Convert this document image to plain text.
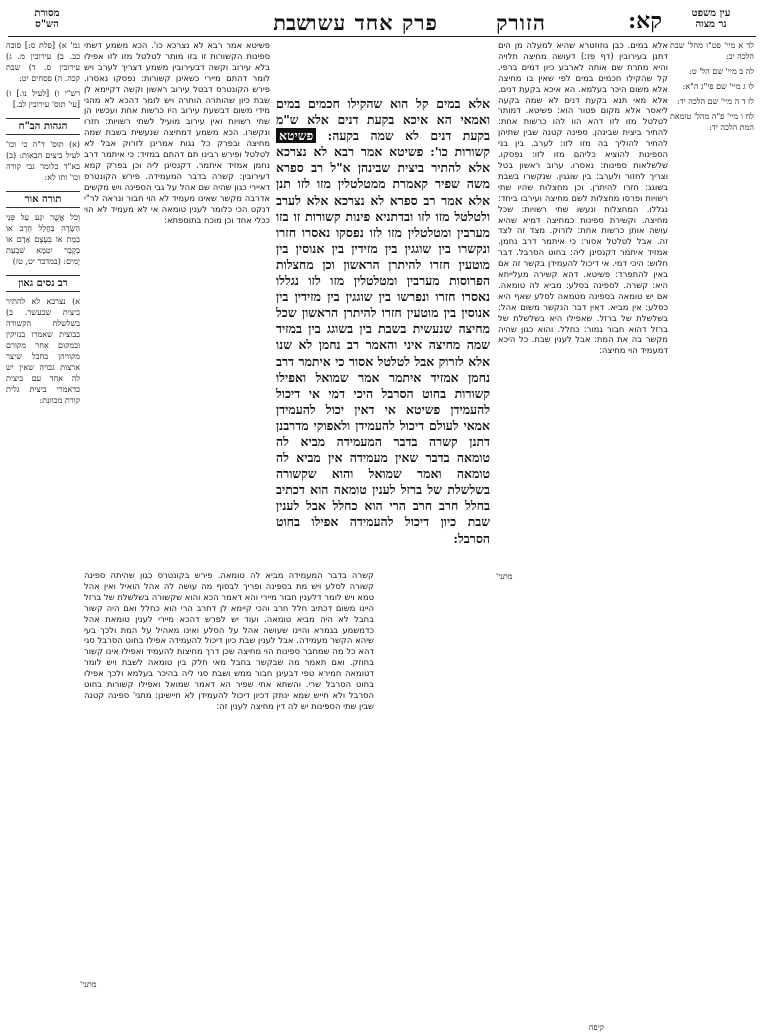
עין משפט
נר מצוה
קא:
הזורק       פרק אחד עשר
שבת
מסורת
הש"ס

לד א מיי' פט"ו מהל' שבת הלכה יב:

לה ב מיי' שם הל' ט:

לו ג מיי' שם פי"ג ה"א:

לז ד ה מיי' שם הלכה יד:

לח ו מיי' פ"ה מהל' טומאת המת הלכה יד:

אלא במים. כבן גוזוזטרא שהיא למעלה מן הים דתנן בעירובין (דף פז:) דעושה מחיצה תלויה והיא מתרת שם אותה לארבע כיון דמים ברפי. קל שהקילו חכמים במים לפי שאין בו מחיצה אלא משום היכר בעלמא. הא איכא בקעת דנים. אלא מאי תנא בקעת דנים לא שמה בקעה ליאסר אלא מקום פטור הוא: פשיטא. דמותר לטלטל מזו לזו דהא הוו להו כרשות אחת: להתיר ביצית שבינהן. ספינה קטנה שבין שתיהן להתיר להוליך בה מזו לזו: לערב. בין בני הספינות להוציא כליהם מזו לזו: נפסקו. שלשלאות ספינות: נאסרו. ערוב ראשון בטל וצריך לחזור ולערב: בין שוגגין. שנקשרו בשבת בשוגג: חזרו להיתרן. וכן מחצלות שהיו שתי רשויות ופרסו מחצלות לשם מחיצה ועירבו ביחד: נגללו. המחצלות ונעשו שתי רשויות: שכל מחיצה. וקשירת ספינות כמחיצה דמיא שהיא עושה אותן כרשות אחת: לזרוק. מצד זה לצד זה. אבל לטלטל אסור: כי איתמר דרב נחמן. אמזיד איתמר דקנסינן ליה: בחוט הסרבל. דבר חלוש: היכי דמי. אי דיכול להעמידן בקשר זה אם באין להתפרד: פשיטא. דהא קשירה מעלייתא היא: קשרה. לספינה בסלע: מביא לה טומאה. אם יש טומאה בספינה מטמאה לסלע שאף היא כסלע: אין מביא. דאין דבר הנקשר משום אהל: בשלשלת של ברזל. שאפילו היא בשלשלת של ברזל דהוא חבור גמור: כחלל. והוא כגון שהיה מקשר בה את המת: אבל לענין שבת. כל היכא דמעמיד הוי מחיצה:
אלא במים קל הוא שהקילו חכמים במים ואמאי הא איכא בקעת דנים אלא ש"מ בקעת דנים לא שמה בקעה: פשיטא קשורות כו': פשיטא אמר רבא לא נצרכא אלא להתיר ביצית שבינהן א"ל רב ספרא משה שפיר קאמרת ממטלטלין מזו לזו תנן אלא אמר רב ספרא לא נצרכא אלא לערב ולטלטל מזו לזו ובדתניא פינות קשורות זו בזו מערבין ומטלטלין מזו לזו נפסקו נאסרו חזרו ונקשרו בין שוגגין בין מזידין בין אנוסין בין מוטעין חזרו להיתרן הראשון וכן מחצלות הפרוסות מערבין ומטלטלין מזו לזו נגללו נאסרו חזרו ונפרשו בין שוגגין בין מזידין בין אנוסין בין מוטעין חזרו להיתרן הראשון שכל מחיצה שנעשית בשבת בין בשוגג בין במזיד שמה מחיצה איני והאמר רב נחמן לא שנו אלא לזרוק אבל לטלטל אסור כי איתמר דרב נחמן אמזיד איתמר אמר שמואל ואפילו קשורות בחוט הסרבל היכי דמי אי דיכול להעמידן פשיטא אי דאין יכול להעמידן אמאי לעולם דיכול להעמידן ולאפוקי מדרבנן דתנן קשרה בדבר המעמידה מביא לה טומאה בדבר שאין מעמידה אין מביא לה טומאה ואמר שמואל והוא שקשורה בשלשלת של ברזל לענין טומאה הוא דכתיב בחלל חרב חרב הרי הוא כחלל אבל לענין שבת כיון דיכול להעמידה אפילו בחוט הסרבל:
מתני'
פשיטא אמר רבא לא נצרכא כו'. הכא משמע דשתי ספינות הקשורות זו בזו מותר לטלטל מזו לזו אפילו בלא עירוב וקשה דבעירובין משמע דצריך לערב ויש לומר דהתם מיירי כשאינן קשורות: נפסקו נאסרו. פירש הקונטרס דבטל עירוב ראשון וקשה דקיימא לן שבת כיון שהותרה הותרה ויש לומר דהכא לא מהני מידי משום דבשעת עירוב היו כרשות אחת ועכשיו הן שתי רשויות ואין עירוב מועיל לשתי רשויות: חזרו ונקשרו. הכא משמע דמחיצה שנעשית בשבת שמה מחיצה ובפרק כל גגות אמרינן לזרוק אבל לא לטלטל ופירש רבינו תם דהתם במזיד: כי איתמר דרב נחמן אמזיד איתמר. דקנסינן ליה וכן בפרק קמא דעירובין: קשרה בדבר המעמידה. פירש הקונטרס דאיירי כגון שהיה שם אהל על גבי הספינה ויש מקשים אדרבה מקשר שאינו מעמיד לא הוי חבור ונראה לר"י דנקט הכי כלומר לענין טומאה אי לא מעמיד לא הוי ככלי אחד וכן מוכח בתוספתא:
קשרה בדבר המעמידה מביא לה טומאה. פירש בקונטרס כגון שהיתה ספינה קשורה לסלע ויש מת בספינה ופריך לבסוף מה עושה לה אהל הואיל ואין אהל טמא ויש לומר דלענין חבור מיירי והא דאמר הכא והוא שקשורה בשלשלת של ברזל היינו משום דכתיב חלל חרב והכי קיימא לן דחרב הרי הוא כחלל ואם היה קשור בחבל לא היה מביא טומאה. ועוד יש לפרש דהכא מיירי לענין טומאת אהל כדמשמע בגמרא והיינו שעושה אהל על הסלע ואינו מאהיל על המת ולכך בעי שיהא הקשר מעמידה. אבל לענין שבת כיון דיכול להעמידה אפילו בחוט הסרבל סגי דהא כל מה שמחבר ספינות הוי מחיצה שכן דרך מחיצות להעמיד ואפילו אינו קשור בחוזק. ואם תאמר מה שבקשר בחבל מאי חלק בין טומאה לשבת ויש לומר דטומאה חמירא טפי דבעינן חבור ממש ושבת סגי ליה בהיכר בעלמא ולכך אפילו בחוט הסרבל שרי. והשתא אתי שפיר הא דאמר שמואל ואפילו קשורות בחוט הסרבל ולא חייש שמא ינתק דכיון דיכול להעמידן לא חיישינן: מתני' ספינה קטנה שבין שתי הספינות יש לה דין מחיצה לענין זה:
מתני'

גמ' א) [פלת ס:] סוכה כב. ב) עירובין מ. ג) עירובין ס. ד) שבת קכה. ה) פסחים יט:

רש"י ו) [לעיל נו.] ז) [עי' תוס' עירובין לב.]

הגהות הב"ח

(א) תוס' ד"ה כי וכו' לעיל ביצים הבאות: (ב) בא"ד כלומר גבי קורה וכו' ותו לא:

תורה אור

וְכֹל אֲשֶׁר יִגַּע עַל פְּנֵי הַשָּׂדֶה בַּחֲלַל חֶרֶב אוֹ בְמֵת אוֹ בְעֶצֶם אָדָם אוֹ בְקָבֶר יִטְמָא שִׁבְעַת יָמִים: (במדבר יט, טז)

רב נסים גאון

א) נצרבא לא להתיר ביצית שבעשר. ב) בשלשלת הקשורה בבוצית שאמרו בנזיקין ובמקום אחר מקורם מקוויהן בחבל שיצר ארצות גבויה שאין יש לה אחד עם ביצית כדאמרי ביצית גלית קורת מכוונת:

קיפה
